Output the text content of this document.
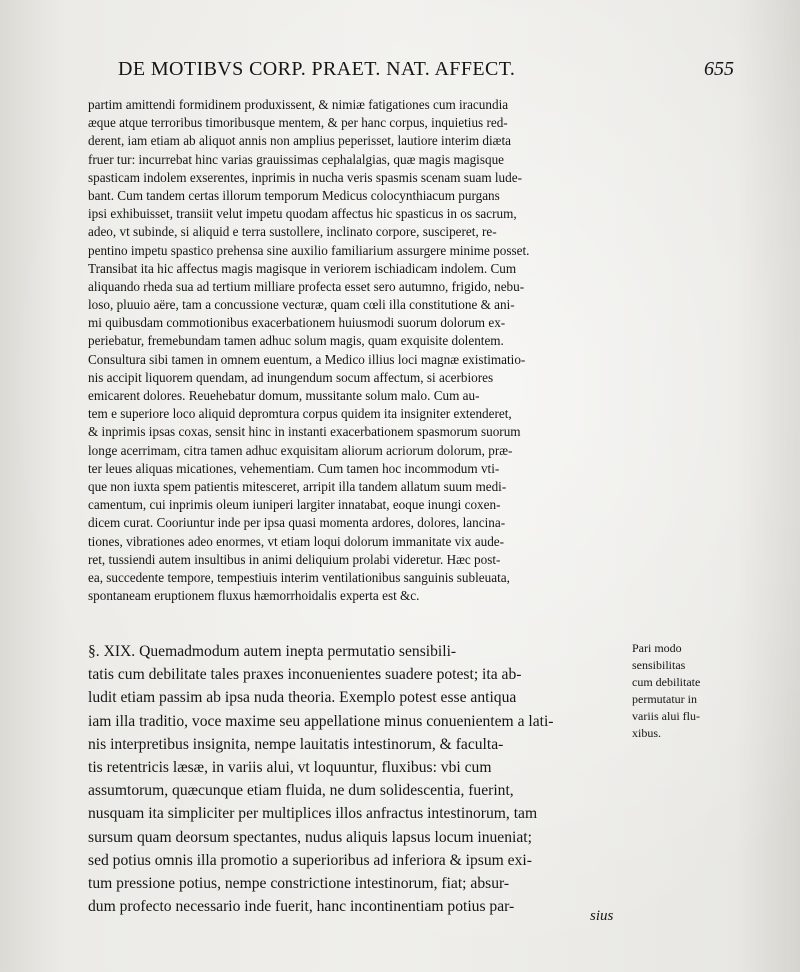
DE MOTIBVS CORP. PRAET. NAT. AFFECT.	655
partim amittendi formidinem produxissent, & nimiæ fatigationes cum iracundia
æque atque terroribus timoribusque mentem, & per hanc corpus, inquietius red-
derent, iam etiam ab aliquot annis non amplius peperisset, lautiore interim diæta
fruer tur: incurrebat hinc varias grauissimas cephalalgias, quæ magis magisque
spasticam indolem exserentes, inprimis in nucha veris spasmis scenam suam lude-
bant. Cum tandem certas illorum temporum Medicus colocynthiacum purgans
ipsi exhibuisset, transiit velut impetu quodam affectus hic spasticus in os sacrum,
adeo, vt subinde, si aliquid e terra sustollere, inclinato corpore, susciperet, re-
pentino impetu spastico prehensa sine auxilio familiarium assurgere minime posset.
Transibat ita hic affectus magis magisque in veriorem ischiadicam indolem. Cum
aliquando rheda sua ad tertium milliare profecta esset sero autumno, frigido, nebu-
loso, pluuio aëre, tam a concussione vecturæ, quam cœli illa constitutione & ani-
mi quibusdam commotionibus exacerbationem huiusmodi suorum dolorum ex-
periebatur, fremebundam tamen adhuc solum magis, quam exquisite dolentem.
Consultura sibi tamen in omnem euentum, a Medico illius loci magnæ existimatio-
nis accipit liquorem quendam, ad inungendum socum affectum, si acerbiores
emicarent dolores. Reuehebatur domum, mussitante solum malo. Cum au-
tem e superiore loco aliquid depromtura corpus quidem ita insigniter extenderet,
& inprimis ipsas coxas, sensit hinc in instanti exacerbationem spasmorum suorum
longe acerrimam, citra tamen adhuc exquisitam aliorum acriorum dolorum, præ-
ter leues aliquas micationes, vehementiam. Cum tamen hoc incommodum vti-
que non iuxta spem patientis mitesceret, arripit illa tandem allatum suum medi-
camentum, cui inprimis oleum iuniperi largiter innatabat, eoque inungi coxen-
dicem curat. Cooriuntur inde per ipsa quasi momenta ardores, dolores, lancina-
tiones, vibrationes adeo enormes, vt etiam loqui dolorum immanitate vix aude-
ret, tussiendi autem insultibus in animi deliquium prolabi videretur. Hæc post-
ea, succedente tempore, tempestiuis interim ventilationibus sanguinis subleuata,
spontaneam eruptionem fluxus hæmorrhoidalis experta est &c.
§. XIX. Quemadmodum autem inepta permutatio sensibili-
tatis cum debilitate tales praxes inconuenientes suadere potest; ita ab-
ludit etiam passim ab ipsa nuda theoria. Exemplo potest esse antiqua
iam illa traditio, voce maxime seu appellatione minus conuenientem a lati-
nis interpretibus insignita, nempe lauitatis intestinorum, & faculta-
tis retentricis læsæ, in variis alui, vt loquuntur, fluxibus: vbi cum
assumtorum, quæcunque etiam fluida, ne dum solidescentia, fuerint,
nusquam ita simpliciter per multiplices illos anfractus intestinorum, tam
sursum quam deorsum spectantes, nudus aliquis lapsus locum inueniat;
sed potius omnis illa promotio a superioribus ad inferiora & ipsum exi-
tum pressione potius, nempe constrictione intestinorum, fiat; absur-
dum profecto necessario inde fuerit, hanc incontinentiam potius par-
Pari modo
sensibilitas
cum debilitate
permutatur in
variis alui flu-
xibus.
sius
